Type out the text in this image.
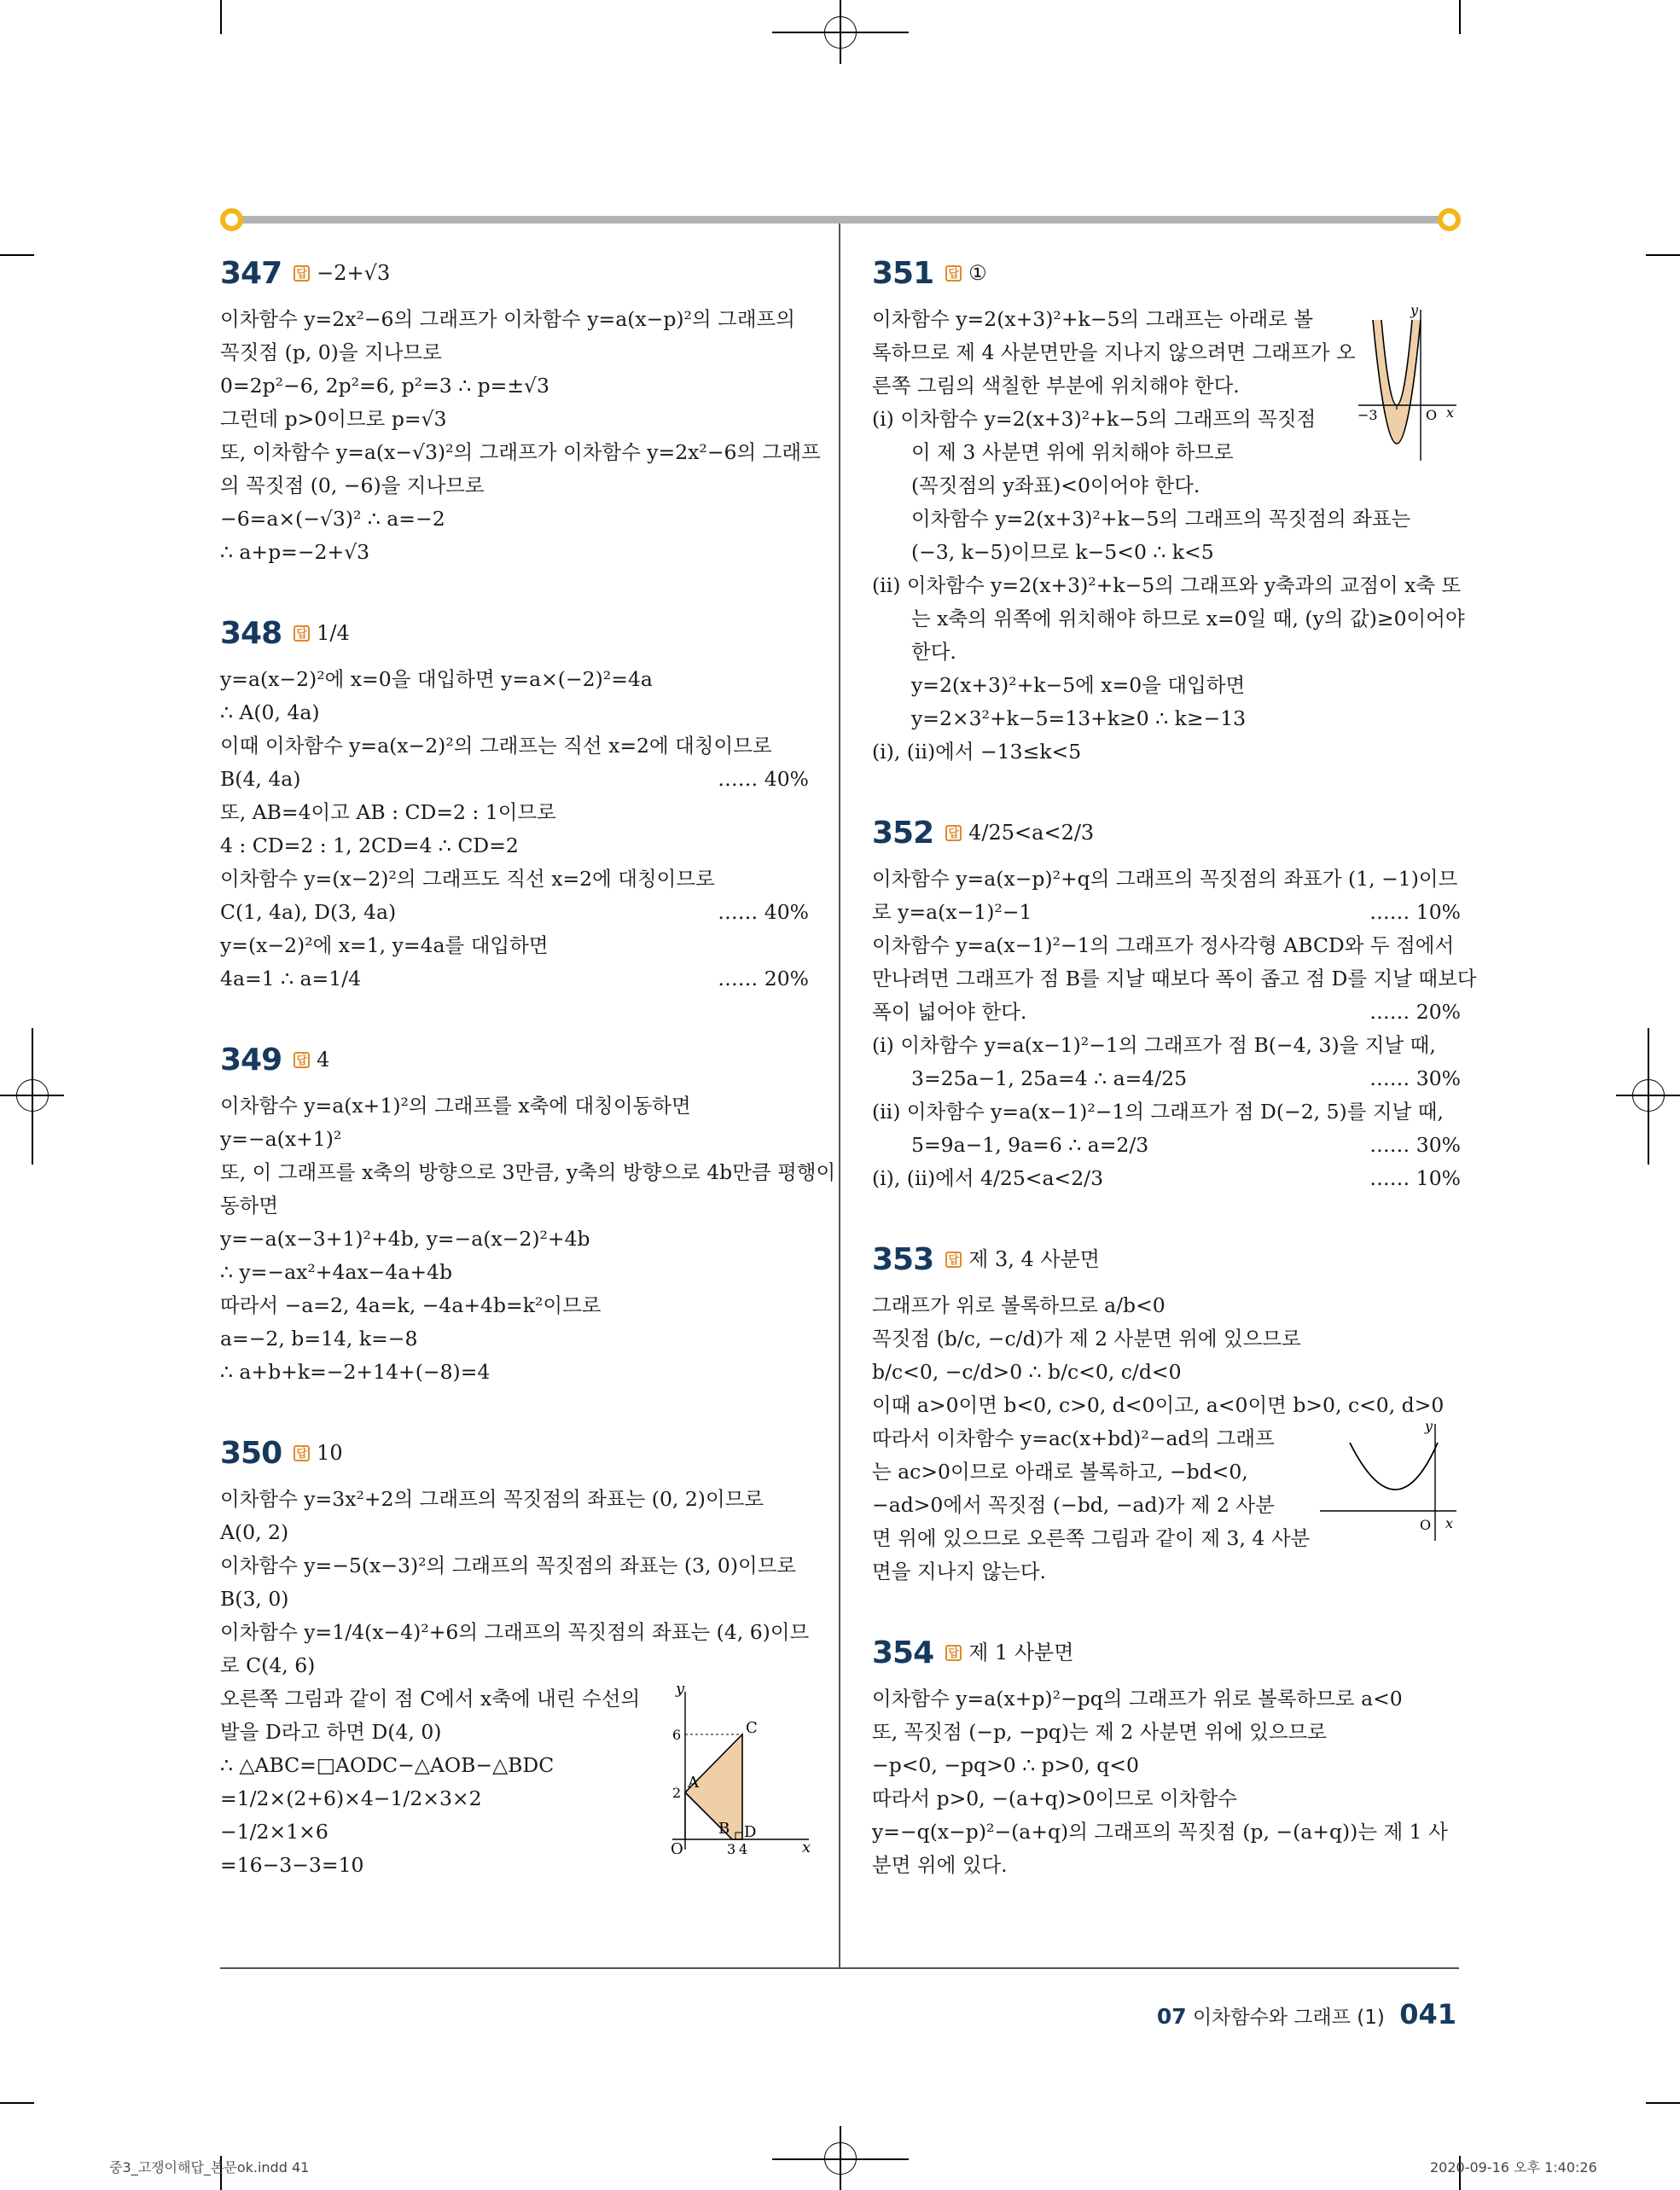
347 답 −2+√3
이차함수 y=2x²−6의 그래프가 이차함수 y=a(x−p)²의 그래프의
꼭짓점 (p, 0)을 지나므로
0=2p²−6, 2p²=6, p²=3 ∴ p=±√3
그런데 p>0이므로 p=√3
또, 이차함수 y=a(x−√3)²의 그래프가 이차함수 y=2x²−6의 그래프
의 꼭짓점 (0, −6)을 지나므로
−6=a×(−√3)² ∴ a=−2
∴ a+p=−2+√3
348 답 1/4
y=a(x−2)²에 x=0을 대입하면 y=a×(−2)²=4a
∴ A(0, 4a)
이때 이차함수 y=a(x−2)²의 그래프는 직선 x=2에 대칭이므로
B(4, 4a)	…… 40%
또, AB=4이고 AB : CD=2 : 1이므로
4 : CD=2 : 1, 2CD=4 ∴ CD=2
이차함수 y=(x−2)²의 그래프도 직선 x=2에 대칭이므로
C(1, 4a), D(3, 4a)	…… 40%
y=(x−2)²에 x=1, y=4a를 대입하면
4a=1 ∴ a=1/4	…… 20%
349 답 4
이차함수 y=a(x+1)²의 그래프를 x축에 대칭이동하면
y=−a(x+1)²
또, 이 그래프를 x축의 방향으로 3만큼, y축의 방향으로 4b만큼 평행이
동하면
y=−a(x−3+1)²+4b, y=−a(x−2)²+4b
∴ y=−ax²+4ax−4a+4b
따라서 −a=2, 4a=k, −4a+4b=k²이므로
a=−2, b=14, k=−8
∴ a+b+k=−2+14+(−8)=4
350 답 10
이차함수 y=3x²+2의 그래프의 꼭짓점의 좌표는 (0, 2)이므로
A(0, 2)
이차함수 y=−5(x−3)²의 그래프의 꼭짓점의 좌표는 (3, 0)이므로
B(3, 0)
이차함수 y=1/4(x−4)²+6의 그래프의 꼭짓점의 좌표는 (4, 6)이므
로 C(4, 6)
오른쪽 그림과 같이 점 C에서 x축에 내린 수선의
발을 D라고 하면 D(4, 0)
∴ △ABC=□AODC−△AOB−△BDC
=1/2×(2+6)×4−1/2×3×2
−1/2×1×6
=16−3−3=10
y
x
O
A
B
C
D
6
2
3 4
351 답 ①
이차함수 y=2(x+3)²+k−5의 그래프는 아래로 볼
록하므로 제 4 사분면만을 지나지 않으려면 그래프가 오
른쪽 그림의 색칠한 부분에 위치해야 한다.
(i) 이차함수 y=2(x+3)²+k−5의 그래프의 꼭짓점
이 제 3 사분면 위에 위치해야 하므로
(꼭짓점의 y좌표)<0이어야 한다.
이차함수 y=2(x+3)²+k−5의 그래프의 꼭짓점의 좌표는
(−3, k−5)이므로 k−5<0 ∴ k<5
(ii) 이차함수 y=2(x+3)²+k−5의 그래프와 y축과의 교점이 x축 또
는 x축의 위쪽에 위치해야 하므로 x=0일 때, (y의 값)≥0이어야
한다.
y=2(x+3)²+k−5에 x=0을 대입하면
y=2×3²+k−5=13+k≥0 ∴ k≥−13
(i), (ii)에서 −13≤k<5
y
x
O
−3
352 답 4/25<a<2/3
이차함수 y=a(x−p)²+q의 그래프의 꼭짓점의 좌표가 (1, −1)이므
로 y=a(x−1)²−1	…… 10%
이차함수 y=a(x−1)²−1의 그래프가 정사각형 ABCD와 두 점에서
만나려면 그래프가 점 B를 지날 때보다 폭이 좁고 점 D를 지날 때보다
폭이 넓어야 한다.	…… 20%
(i) 이차함수 y=a(x−1)²−1의 그래프가 점 B(−4, 3)을 지날 때,
3=25a−1, 25a=4 ∴ a=4/25	…… 30%
(ii) 이차함수 y=a(x−1)²−1의 그래프가 점 D(−2, 5)를 지날 때,
5=9a−1, 9a=6 ∴ a=2/3	…… 30%
(i), (ii)에서 4/25<a<2/3	…… 10%
353 답 제 3, 4 사분면
그래프가 위로 볼록하므로 a/b<0
꼭짓점 (b/c, −c/d)가 제 2 사분면 위에 있으므로
b/c<0, −c/d>0 ∴ b/c<0, c/d<0
이때 a>0이면 b<0, c>0, d<0이고, a<0이면 b>0, c<0, d>0
따라서 이차함수 y=ac(x+bd)²−ad의 그래프
는 ac>0이므로 아래로 볼록하고, −bd<0,
−ad>0에서 꼭짓점 (−bd, −ad)가 제 2 사분
면 위에 있으므로 오른쪽 그림과 같이 제 3, 4 사분
면을 지나지 않는다.
y
x
O
354 답 제 1 사분면
이차함수 y=a(x+p)²−pq의 그래프가 위로 볼록하므로 a<0
또, 꼭짓점 (−p, −pq)는 제 2 사분면 위에 있으므로
−p<0, −pq>0 ∴ p>0, q<0
따라서 p>0, −(a+q)>0이므로 이차함수
y=−q(x−p)²−(a+q)의 그래프의 꼭짓점 (p, −(a+q))는 제 1 사
분면 위에 있다.
07 이차함수와 그래프 (1) 041
중3_고쟁이해답_본문ok.indd 41	2020-09-16 오후 1:40:26
